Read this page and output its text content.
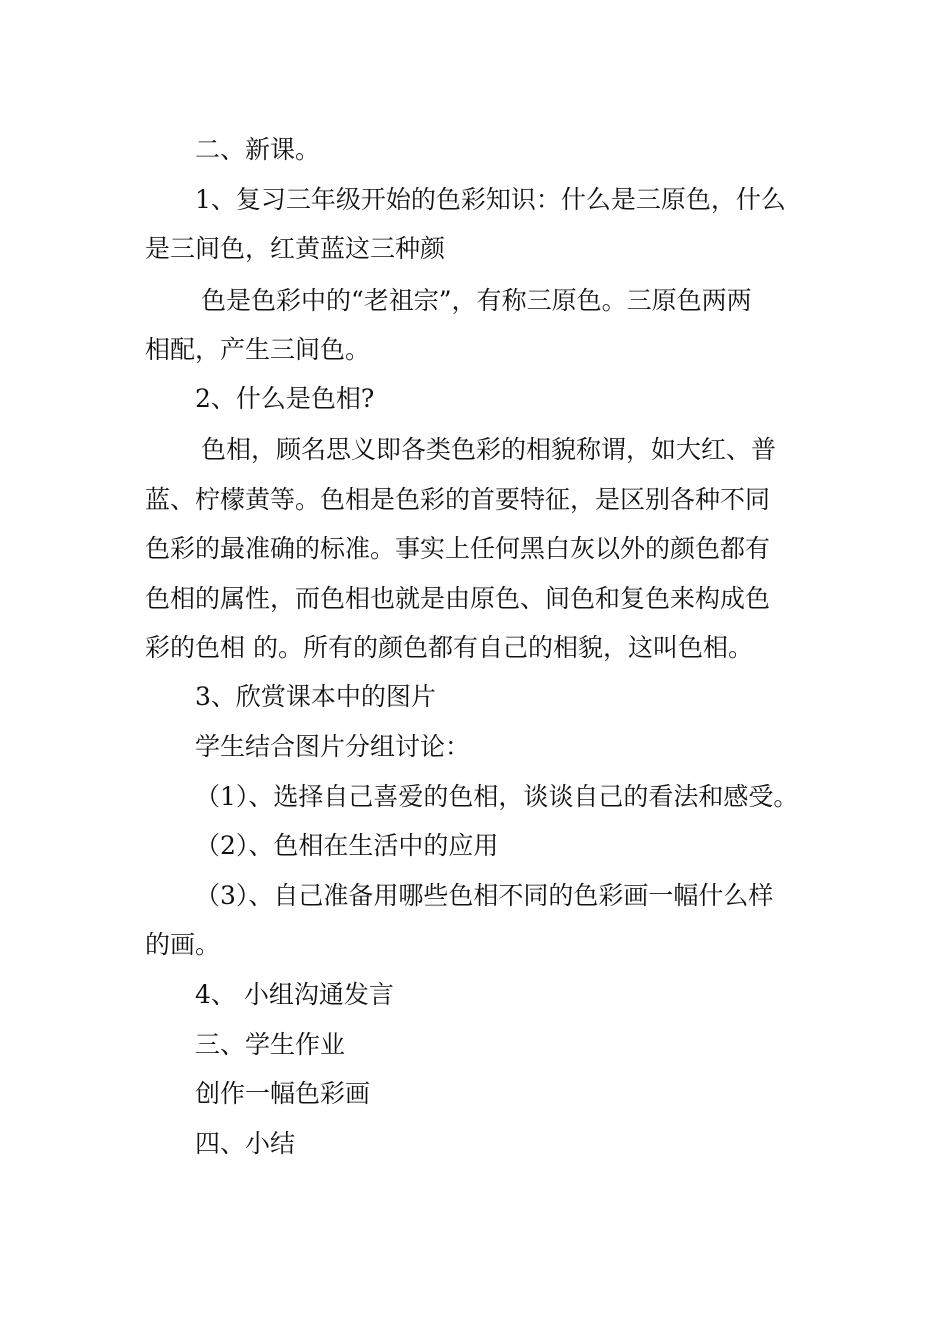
二、新课。
1、复习三年级开始的色彩知识：什么是三原色，什么
是三间色，红黄蓝这三种颜
色是色彩中的“老祖宗”，有称三原色。三原色两两
相配，产生三间色。
2、什么是色相?
色相，顾名思义即各类色彩的相貌称谓，如大红、普
蓝、柠檬黄等。色相是色彩的首要特征，是区别各种不同
色彩的最准确的标准。事实上任何黑白灰以外的颜色都有
色相的属性，而色相也就是由原色、间色和复色来构成色
彩的色相 的。所有的颜色都有自己的相貌，这叫色相。
3、欣赏课本中的图片
学生结合图片分组讨论：
（1）、选择自己喜爱的色相，谈谈自己的看法和感受。
（2）、色相在生活中的应用
（3）、自己准备用哪些色相不同的色彩画一幅什么样
的画。
4、 小组沟通发言
三、学生作业
创作一幅色彩画
四、小结
